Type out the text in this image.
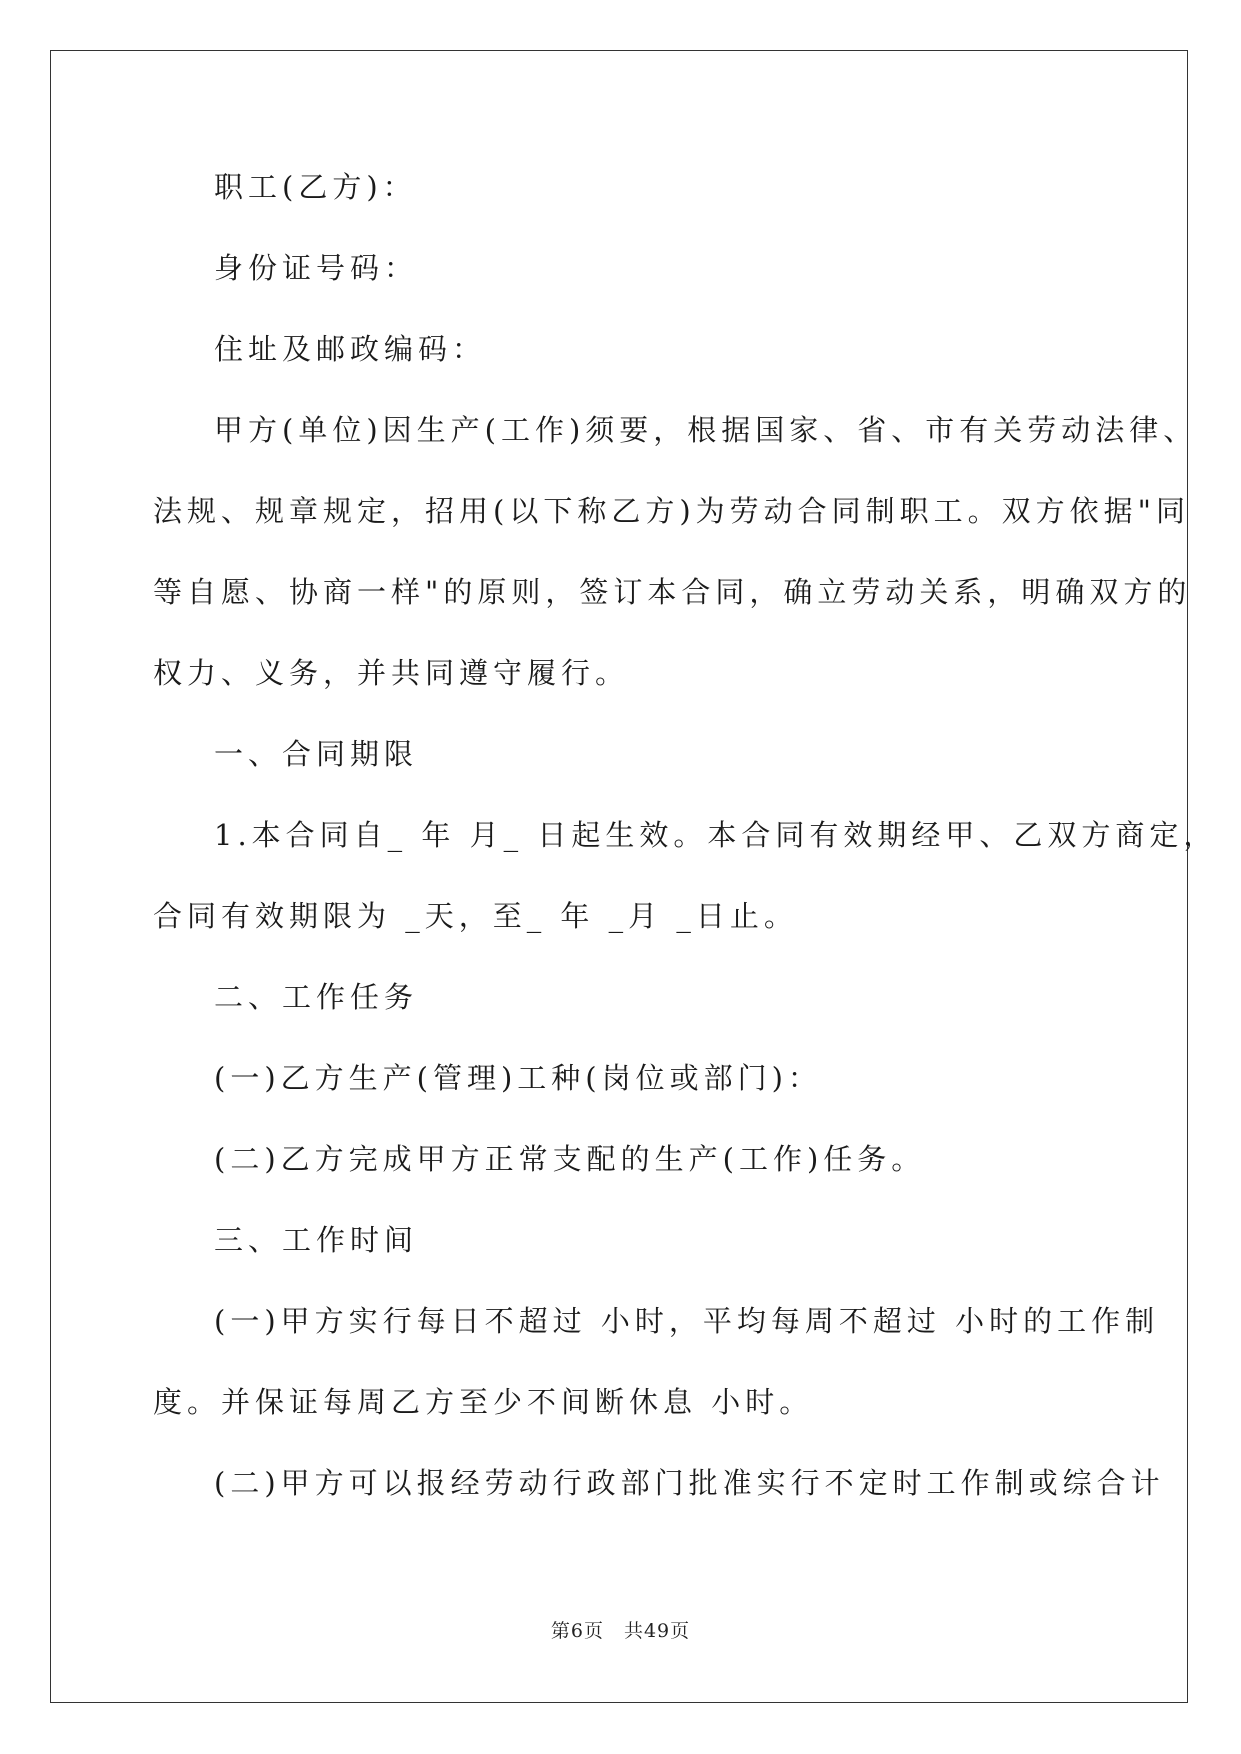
职工(乙方)：
身份证号码：
住址及邮政编码：
甲方(单位)因生产(工作)须要，根据国家、省、市有关劳动法律、
法规、规章规定，招用(以下称乙方)为劳动合同制职工。双方依据"同
等自愿、协商一样"的原则，签订本合同，确立劳动关系，明确双方的
权力、义务，并共同遵守履行。
一、合同期限
1.本合同自_ 年 月_ 日起生效。本合同有效期经甲、乙双方商定，
合同有效期限为 _天，至_ 年 _月 _日止。
二、工作任务
(一)乙方生产(管理)工种(岗位或部门)：
(二)乙方完成甲方正常支配的生产(工作)任务。
三、工作时间
(一)甲方实行每日不超过 小时，平均每周不超过 小时的工作制
度。并保证每周乙方至少不间断休息 小时。
(二)甲方可以报经劳动行政部门批准实行不定时工作制或综合计
第6页　共49页
